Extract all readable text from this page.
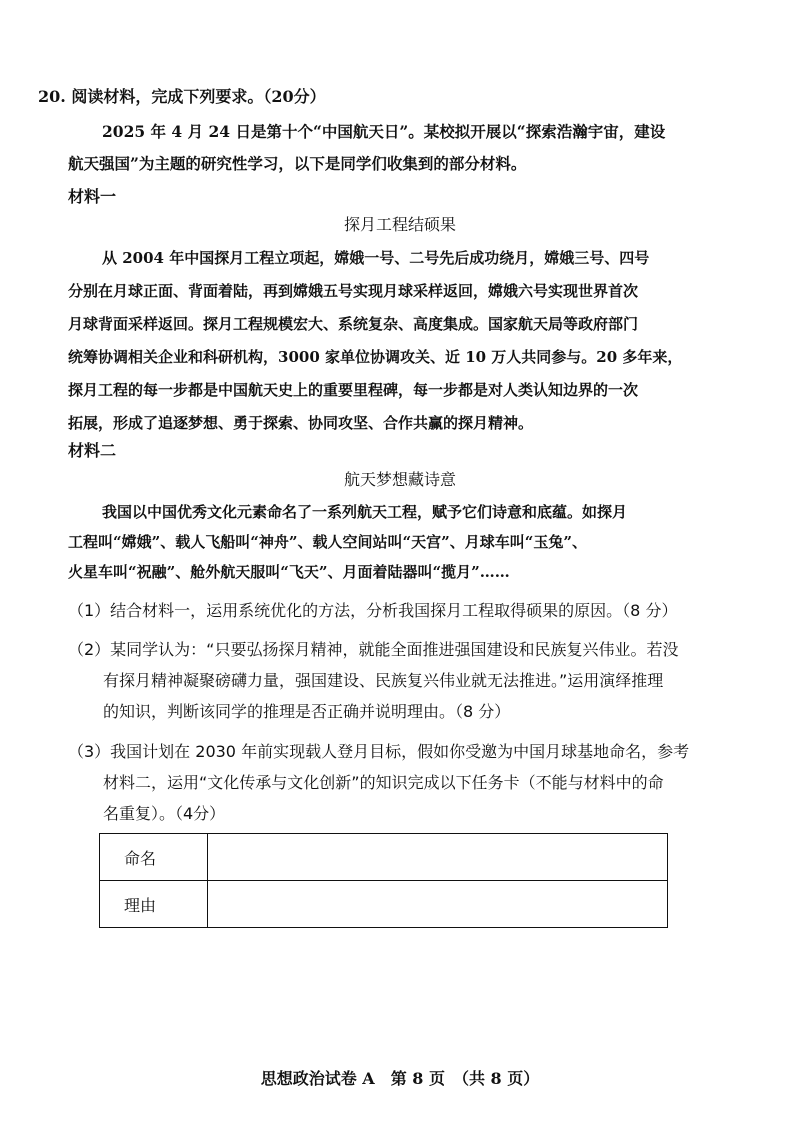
20. 阅读材料，完成下列要求。（20分）
2025 年 4 月 24 日是第十个“中国航天日”。某校拟开展以“探索浩瀚宇宙，建设
航天强国”为主题的研究性学习，以下是同学们收集到的部分材料。
材料一
探月工程结硕果
从 2004 年中国探月工程立项起，嫦娥一号、二号先后成功绕月，嫦娥三号、四号
分别在月球正面、背面着陆，再到嫦娥五号实现月球采样返回，嫦娥六号实现世界首次
月球背面采样返回。探月工程规模宏大、系统复杂、高度集成。国家航天局等政府部门
统筹协调相关企业和科研机构，3000 家单位协调攻关、近 10 万人共同参与。20 多年来，
探月工程的每一步都是中国航天史上的重要里程碑，每一步都是对人类认知边界的一次
拓展，形成了追逐梦想、勇于探索、协同攻坚、合作共赢的探月精神。
材料二
航天梦想藏诗意
我国以中国优秀文化元素命名了一系列航天工程，赋予它们诗意和底蕴。如探月
工程叫“嫦娥”、载人飞船叫“神舟”、载人空间站叫“天宫”、月球车叫“玉兔”、
火星车叫“祝融”、舱外航天服叫“飞天”、月面着陆器叫“揽月”……
（1）结合材料一，运用系统优化的方法，分析我国探月工程取得硕果的原因。（8 分）
（2）某同学认为：“只要弘扬探月精神，就能全面推进强国建设和民族复兴伟业。若没
有探月精神凝聚磅礴力量，强国建设、民族复兴伟业就无法推进。”运用演绎推理
的知识，判断该同学的推理是否正确并说明理由。（8 分）
（3）我国计划在 2030 年前实现载人登月目标，假如你受邀为中国月球基地命名，参考
材料二，运用“文化传承与文化创新”的知识完成以下任务卡（不能与材料中的命
名重复）。（4分）
命名	
理由	
思想政治试卷 A　第 8 页　（共 8 页）
